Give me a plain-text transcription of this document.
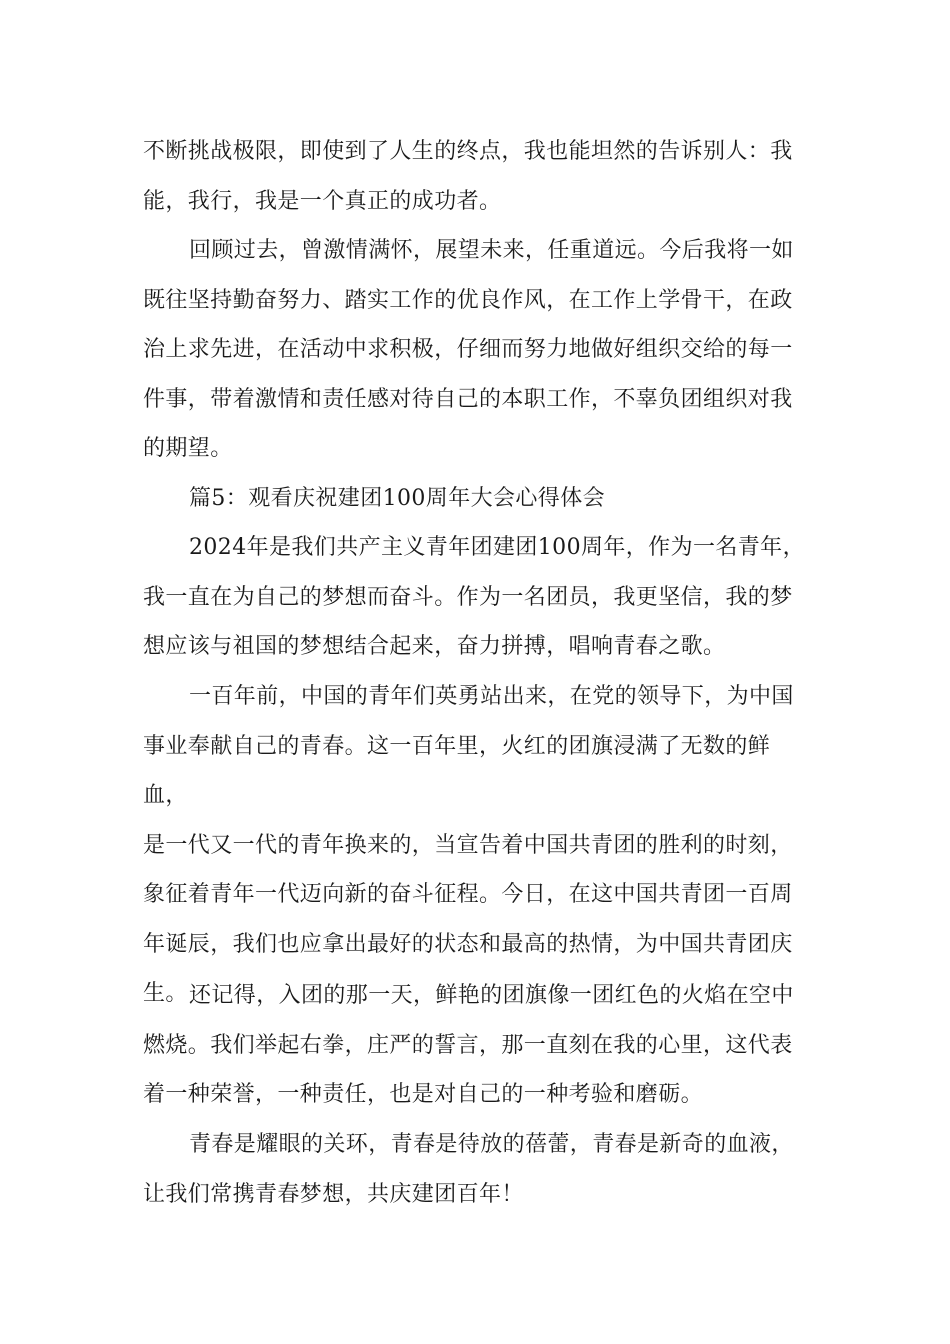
不断挑战极限，即使到了人生的终点，我也能坦然的告诉别人：我
能，我行，我是一个真正的成功者。

回顾过去，曾激情满怀，展望未来，任重道远。今后我将一如
既往坚持勤奋努力、踏实工作的优良作风，在工作上学骨干，在政
治上求先进，在活动中求积极，仔细而努力地做好组织交给的每一
件事，带着激情和责任感对待自己的本职工作，不辜负团组织对我
的期望。

篇5：观看庆祝建团100周年大会心得体会

2024年是我们共产主义青年团建团100周年，作为一名青年，
我一直在为自己的梦想而奋斗。作为一名团员，我更坚信，我的梦
想应该与祖国的梦想结合起来，奋力拼搏，唱响青春之歌。

一百年前，中国的青年们英勇站出来，在党的领导下，为中国
事业奉献自己的青春。这一百年里，火红的团旗浸满了无数的鲜血，
是一代又一代的青年换来的，当宣告着中国共青团的胜利的时刻，
象征着青年一代迈向新的奋斗征程。今日，在这中国共青团一百周
年诞辰，我们也应拿出最好的状态和最高的热情，为中国共青团庆
生。 还记得，入团的那一天，鲜艳的团旗像一团红色的火焰在空中
燃烧。我们举起右拳，庄严的誓言，那一直刻在我的心里，这代表
着一种荣誉，一种责任，也是对自己的一种考验和磨砺。

青春是耀眼的关环，青春是待放的蓓蕾，青春是新奇的血液，
让我们常携青春梦想，共庆建团百年！
